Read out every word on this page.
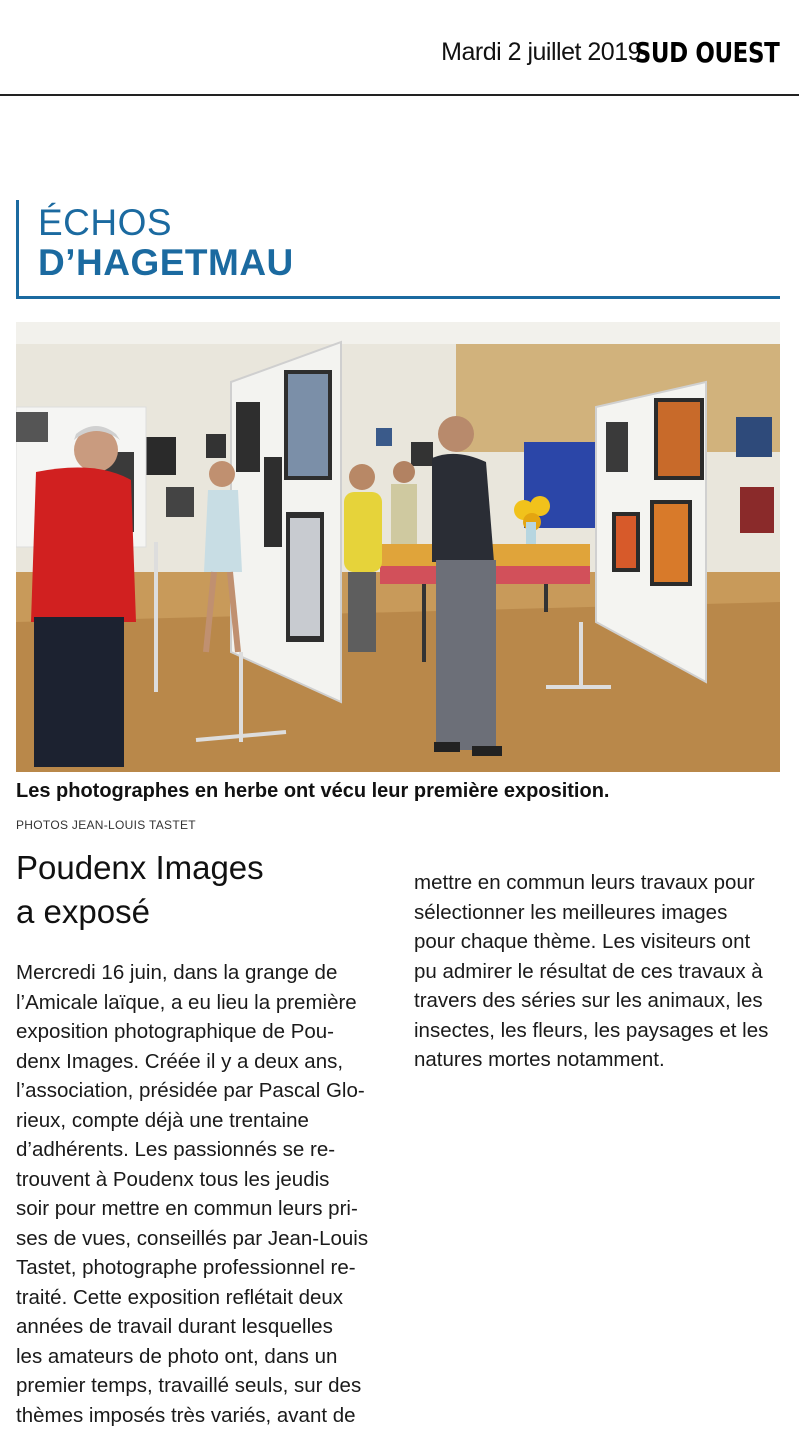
Mardi 2 juillet 2019
SUD OUEST
ÉCHOS
D’HAGETMAU
Les photographes en herbe ont vécu leur première exposition.
PHOTOS JEAN-LOUIS TASTET
Poudenx Images
a exposé
Mercredi 16 juin, dans la grange de
l’Amicale laïque, a eu lieu la première
exposition photographique de Pou-
denx Images. Créée il y a deux ans,
l’association, présidée par Pascal Glo-
rieux, compte déjà une trentaine
d’adhérents. Les passionnés se re-
trouvent à Poudenx tous les jeudis
soir pour mettre en commun leurs pri-
ses de vues, conseillés par Jean-Louis
Tastet, photographe professionnel re-
traité. Cette exposition reflétait deux
années de travail durant lesquelles
les amateurs de photo ont, dans un
premier temps, travaillé seuls, sur des
thèmes imposés très variés, avant de
mettre en commun leurs travaux pour
sélectionner les meilleures images
pour chaque thème. Les visiteurs ont
pu admirer le résultat de ces travaux à
travers des séries sur les animaux, les
insectes, les fleurs, les paysages et les
natures mortes notamment.
